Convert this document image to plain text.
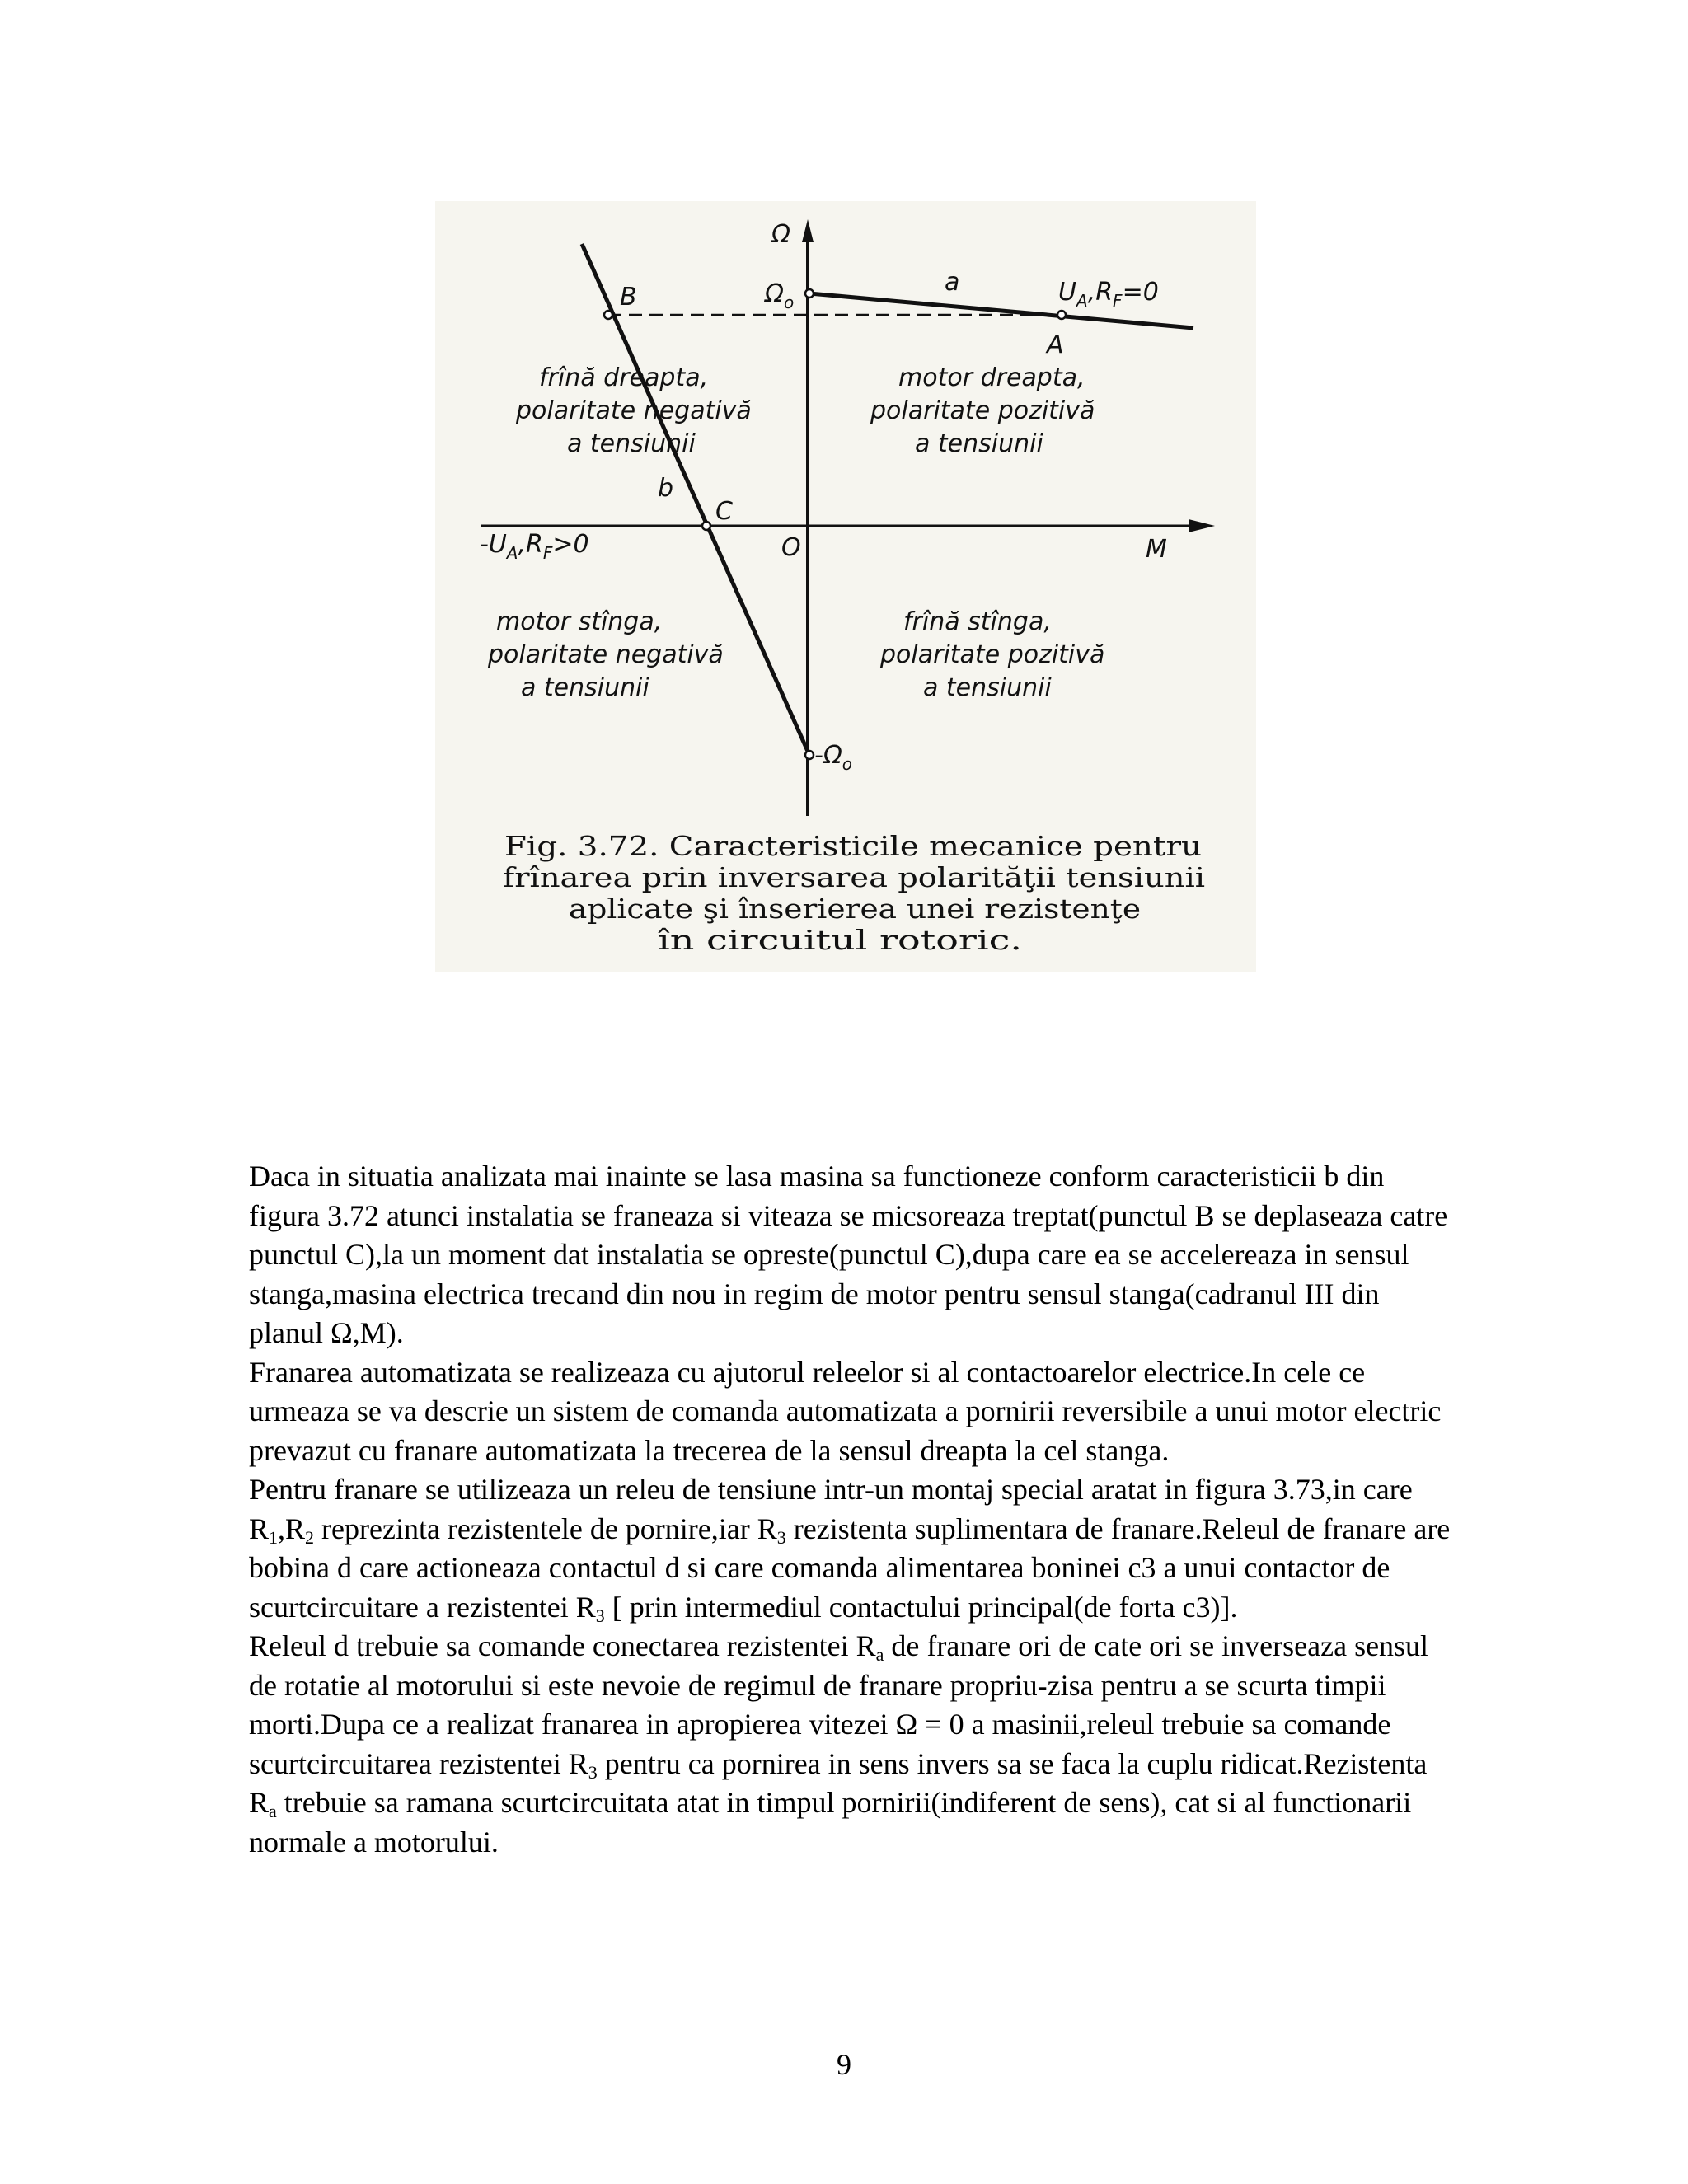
Ω
M
O
$\Omega_o$
$-\Omega_o$
B
A
C
a
b
$U_A,R_F=0$
$-U_A,R_F>0$
frînă dreapta,
polaritate negativă
a tensiunii
motor dreapta,
polaritate pozitivă
a tensiunii
motor stînga,
polaritate negativă
a tensiunii
frînă stînga,
polaritate pozitivă
a tensiunii
Fig. 3.72. Caracteristicile mecanice pentru
frînarea prin inversarea polarităţii tensiunii
aplicate şi înserierea unei rezistenţe
în circuitul rotoric.

Daca in situatia analizata mai inainte se lasa masina sa functioneze conform caracteristicii b din figura 3.72 atunci instalatia se franeaza si viteaza se micsoreaza treptat(punctul B se deplaseaza catre punctul C),la un moment dat instalatia se opreste(punctul C),dupa care ea se accelereaza in sensul stanga,masina electrica trecand din nou in regim de motor pentru sensul stanga(cadranul III din planul Ω,M).

Franarea automatizata se realizeaza cu ajutorul releelor si al contactoarelor electrice.In cele ce urmeaza se va descrie un sistem de comanda automatizata a pornirii reversibile a unui motor electric prevazut cu franare automatizata la trecerea de la sensul dreapta la cel stanga.

Pentru franare se utilizeaza un releu de tensiune intr-un montaj special aratat in figura 3.73,in care $R_1,R_2$ reprezinta rezistentele de pornire,iar $R_3$ rezistenta suplimentara de franare.Releul de franare are bobina d care actioneaza contactul d si care comanda alimentarea boninei c3 a unui contactor de scurtcircuitare a rezistentei $R_3$ [ prin intermediul contactului principal(de forta c3)].

Releul d trebuie sa comande conectarea rezistentei $R_a$ de franare ori de cate ori se inverseaza sensul de rotatie al motorului si este nevoie de regimul de franare propriu-zisa pentru a se scurta timpii morti.Dupa ce a realizat franarea in apropierea vitezei Ω = 0 a masinii,releul trebuie sa comande scurtcircuitarea rezistentei $R_3$ pentru ca pornirea in sens invers sa se faca la cuplu ridicat.Rezistenta $R_a$ trebuie sa ramana scurtcircuitata atat in timpul pornirii(indiferent de sens), cat si al functionarii normale a motorului.

9
